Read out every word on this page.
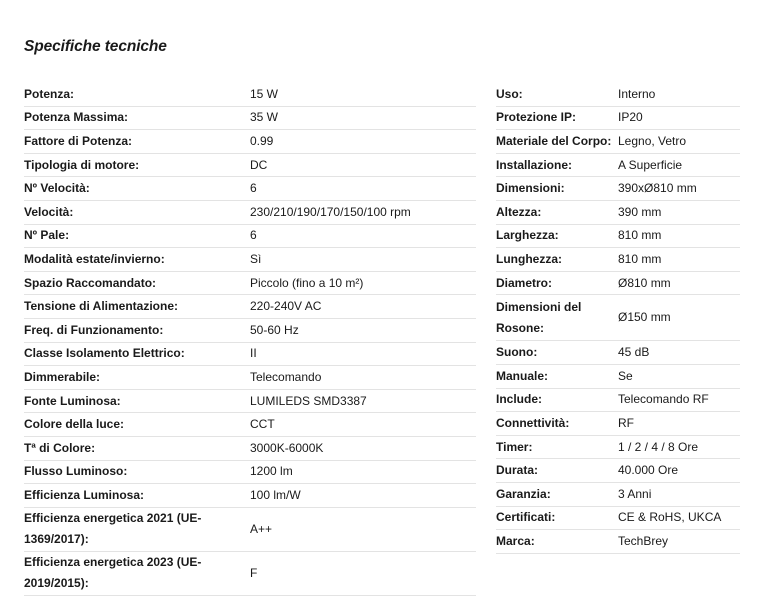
Specifiche tecniche
Potenza:	15 W
Potenza Massima:	35 W
Fattore di Potenza:	0.99
Tipologia di motore:	DC
Nº Velocità:	6
Velocità:	230/210/190/170/150/100 rpm
Nº Pale:	6
Modalità estate/invierno:	Sì
Spazio Raccomandato:	Piccolo (fino a 10 m²)
Tensione di Alimentazione:	220-240V AC
Freq. di Funzionamento:	50-60 Hz
Classe Isolamento Elettrico:	II
Dimmerabile:	Telecomando
Fonte Luminosa:	LUMILEDS SMD3387
Colore della luce:	CCT
Tª di Colore:	3000K-6000K
Flusso Luminoso:	1200 lm
Efficienza Luminosa:	100 lm/W
Efficienza energetica 2021 (UE-1369/2017):
A++
Efficienza energetica 2023 (UE-2019/2015):
F
Uso:	Interno
Protezione IP:	IP20
Materiale del Corpo: Legno, Vetro
Installazione:	A Superficie
Dimensioni:	390xØ810 mm
Altezza:	390 mm
Larghezza:	810 mm
Lunghezza:	810 mm
Diametro:	Ø810 mm
Dimensioni del Rosone:
Ø150 mm
Suono:	45 dB
Manuale:	Se
Include:	Telecomando RF
Connettività:	RF
Timer:	1 / 2 / 4 / 8 Ore
Durata:	40.000 Ore
Garanzia:	3 Anni
Certificati:	CE & RoHS, UKCA
Marca:	TechBrey
